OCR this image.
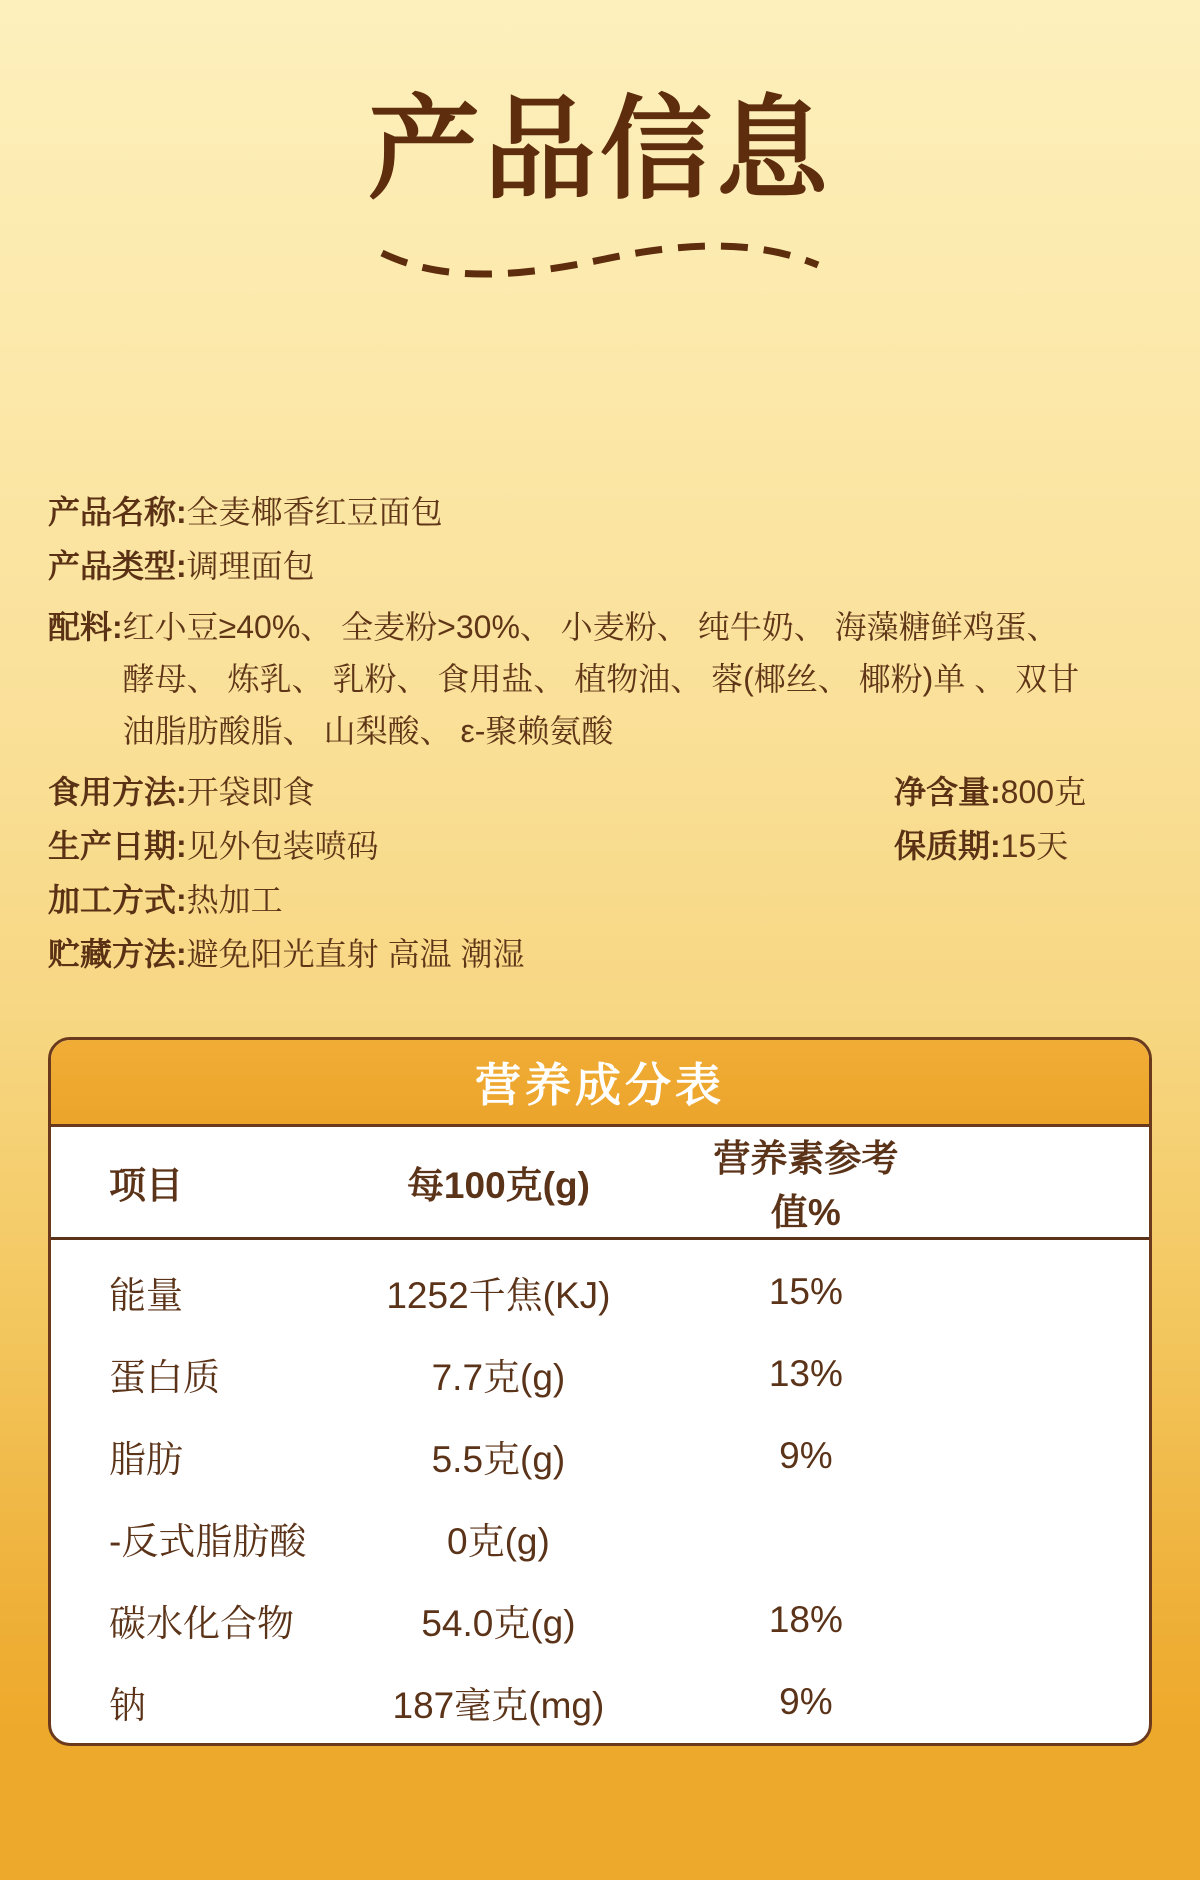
产品信息
产品名称: 全麦椰香红豆面包
产品类型: 调理面包
配料: 红小豆≥40%、 全麦粉>30%、 小麦粉、 纯牛奶、 海藻糖鲜鸡蛋、 酵母、 炼乳、 乳粉、 食用盐、 植物油、 蓉(椰丝、 椰粉)单 、 双甘油脂肪酸脂、 山梨酸、 ε-聚赖氨酸
食用方法: 开袋即食	净含量: 800克
生产日期: 见外包装喷码	保质期: 15天
加工方式: 热加工
贮藏方法: 避免阳光直射 高温 潮湿
营养成分表
项目	每100克(g)	营养素参考值%	
能量	1252千焦(KJ)	15%	
蛋白质	7.7克(g)	13%	
脂肪	5.5克(g)	9%	
-反式脂肪酸	0克(g)		
碳水化合物	54.0克(g)	18%	
钠	187毫克(mg)	9%	
